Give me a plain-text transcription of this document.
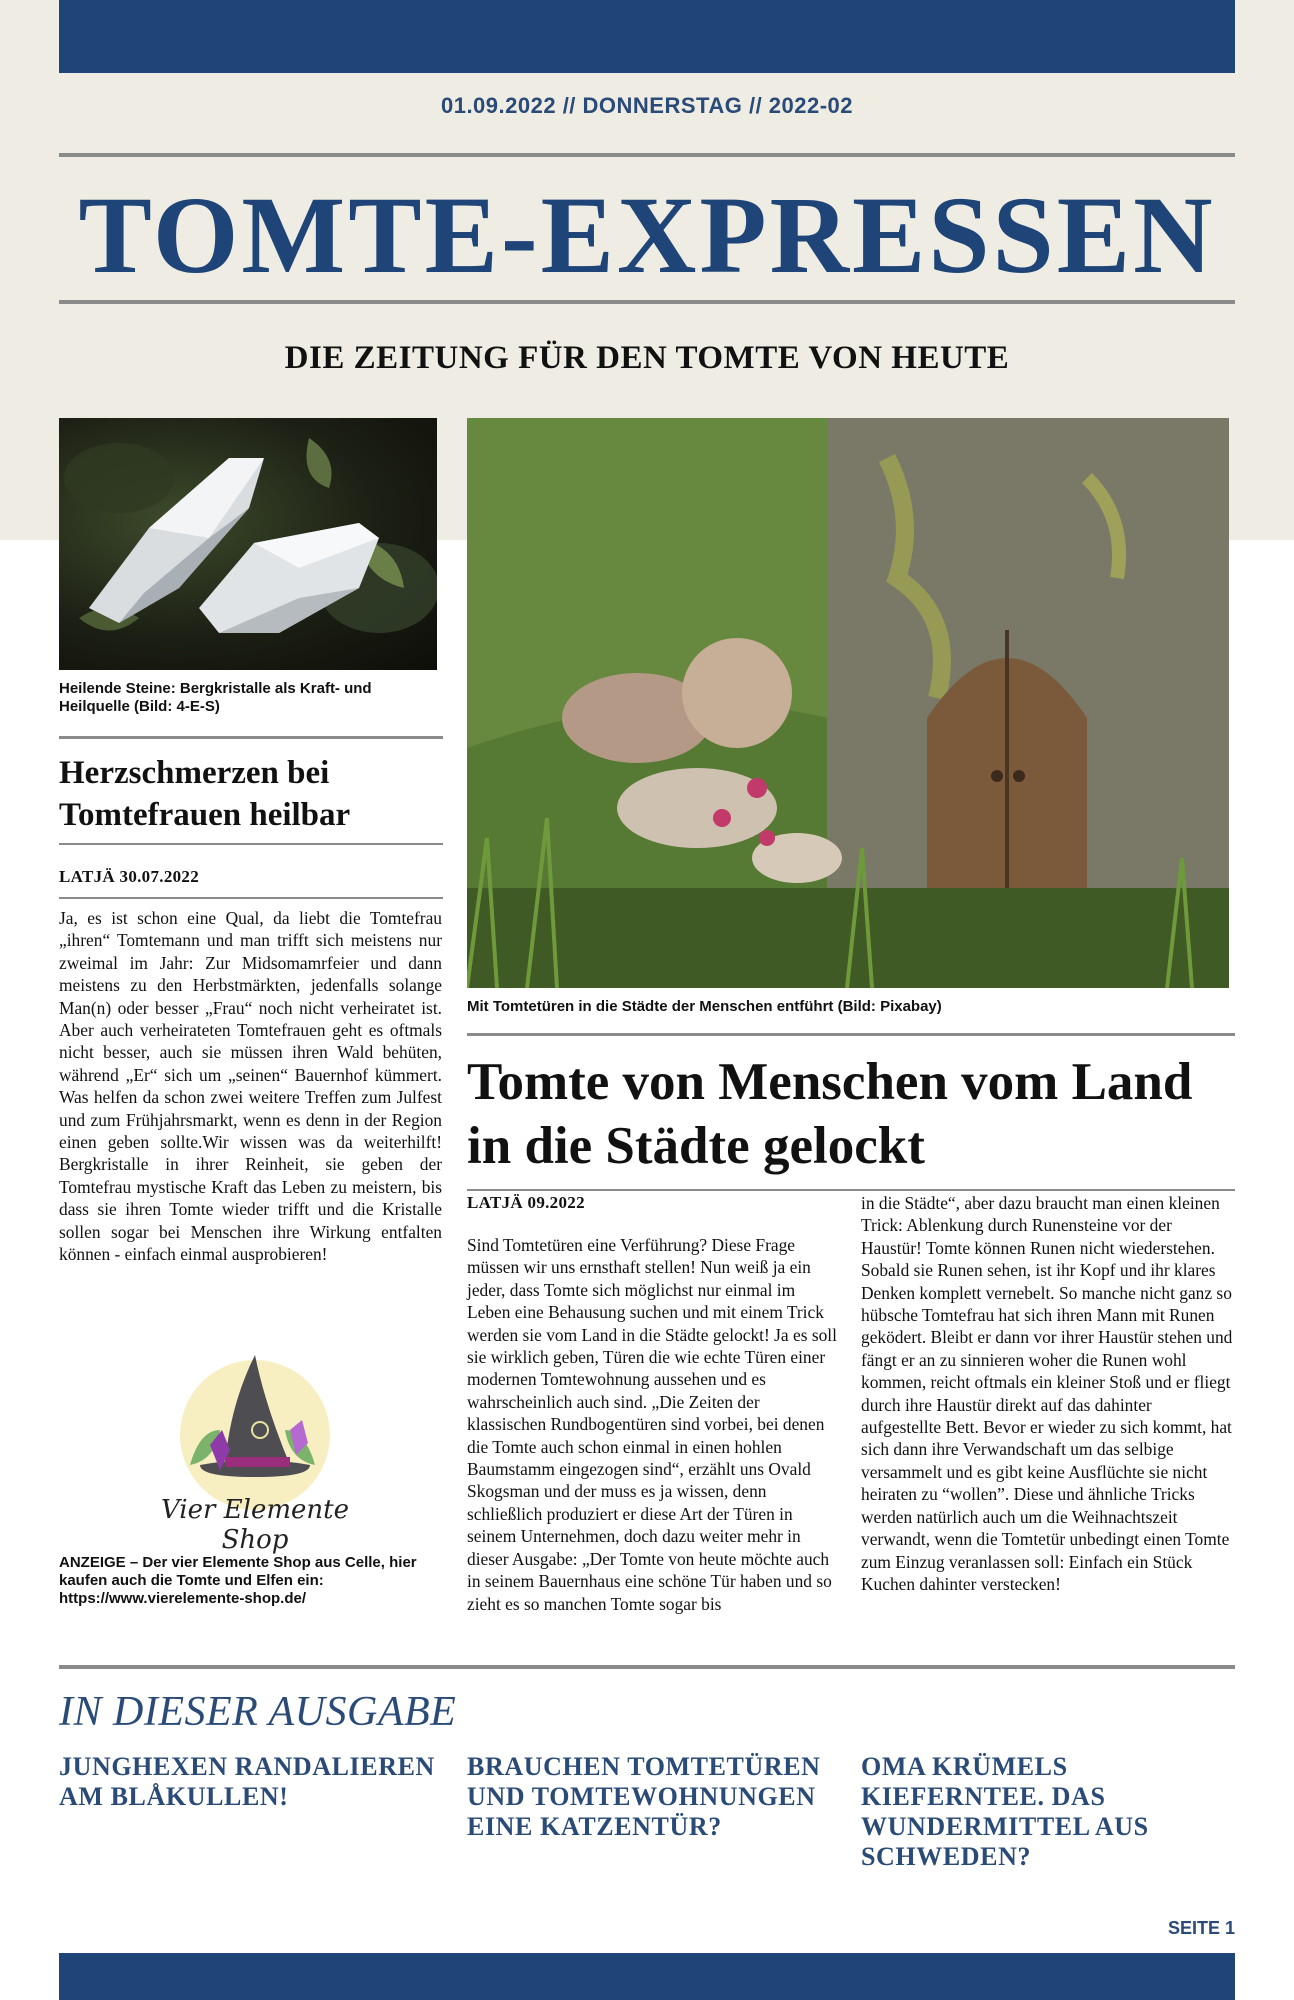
01.09.2022 // DONNERSTAG // 2022-02
TOMTE-EXPRESSEN
DIE ZEITUNG FÜR DEN TOMTE VON HEUTE
Heilende Steine: Bergkristalle als Kraft- und Heilquelle (Bild: 4-E-S)
Herzschmerzen bei Tomtefrauen heilbar
LATJÄ 30.07.2022

Ja, es ist schon eine Qual, da liebt die Tomtefrau „ihren“ Tomtemann und man trifft sich meistens nur zweimal im Jahr: Zur Midsomamrfeier und dann meistens zu den Herbstmärkten, jedenfalls solange Man(n) oder besser „Frau“ noch nicht verheiratet ist. Aber auch verheirateten Tomtefrauen geht es oftmals nicht besser, auch sie müssen ihren Wald behüten, während „Er“ sich um „seinen“ Bauernhof kümmert. Was helfen da schon zwei weitere Treffen zum Julfest und zum Frühjahrsmarkt, wenn es denn in der Region einen geben sollte.Wir wissen was da weiterhilft! Bergkristalle in ihrer Reinheit, sie geben der Tomtefrau mystische Kraft das Leben zu meistern, bis dass sie ihren Tomte wieder trifft und die Kristalle sollen sogar bei Menschen ihre Wirkung entfalten können - einfach einmal ausprobieren!

Vier Elemente Shop
ANZEIGE – Der vier Elemente Shop aus Celle, hier kaufen auch die Tomte und Elfen ein: https://www.vierelemente-shop.de/
Mit Tomtetüren in die Städte der Menschen entführt (Bild: Pixabay)
Tomte von Menschen vom Land in die Städte gelockt
LATJÄ 09.2022

Sind Tomtetüren eine Verführung? Diese Frage müssen wir uns ernsthaft stellen! Nun weiß ja ein jeder, dass Tomte sich möglichst nur einmal im Leben eine Behausung suchen und mit einem Trick werden sie vom Land in die Städte gelockt! Ja es soll sie wirklich geben, Türen die wie echte Türen einer modernen Tomtewohnung aussehen und es wahrscheinlich auch sind. „Die Zeiten der klassischen Rundbogentüren sind vorbei, bei denen die Tomte auch schon einmal in einen hohlen Baumstamm eingezogen sind“, erzählt uns Ovald Skogsman und der muss es ja wissen, denn schließlich produziert er diese Art der Türen in seinem Unternehmen, doch dazu weiter mehr in dieser Ausgabe: „Der Tomte von heute möchte auch in seinem Bauernhaus eine schöne Tür haben und so zieht es so manchen Tomte sogar bis

in die Städte“, aber dazu braucht man einen kleinen Trick: Ablenkung durch Runensteine vor der Haustür! Tomte können Runen nicht wiederstehen. Sobald sie Runen sehen, ist ihr Kopf und ihr klares Denken komplett vernebelt. So manche nicht ganz so hübsche Tomtefrau hat sich ihren Mann mit Runen geködert. Bleibt er dann vor ihrer Haustür stehen und fängt er an zu sinnieren woher die Runen wohl kommen, reicht oftmals ein kleiner Stoß und er fliegt durch ihre Haustür direkt auf das dahinter aufgestellte Bett. Bevor er wieder zu sich kommt, hat sich dann ihre Verwandschaft um das selbige versammelt und es gibt keine Ausflüchte sie nicht heiraten zu “wollen”. Diese und ähnliche Tricks werden natürlich auch um die Weihnachtszeit verwandt, wenn die Tomtetür unbedingt einen Tomte zum Einzug veranlassen soll: Einfach ein Stück Kuchen dahinter verstecken!

IN DIESER AUSGABE
JUNGHEXEN RANDALIEREN AM BLÅKULLEN!
BRAUCHEN TOMTETÜREN UND TOMTEWOHNUNGEN EINE KATZENTÜR?
OMA KRÜMELS KIEFERNTEE. DAS WUNDERMITTEL AUS SCHWEDEN?
SEITE 1
